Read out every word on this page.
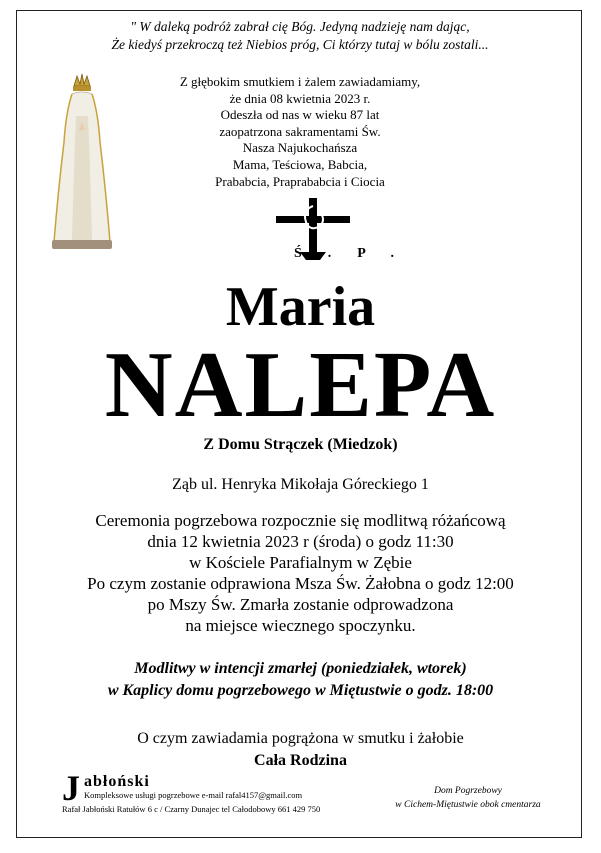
" W daleką podróż zabrał cię Bóg. Jedyną nadzieję nam dając,
Że kiedyś przekroczą też Niebios próg, Ci którzy tutaj w bólu zostali...
Z głębokim smutkiem i żalem zawiadamiamy,
że dnia 08 kwietnia 2023 r.
Odeszła od nas w wieku 87 lat
zaopatrzona sakramentami Św.
Nasza Najukochańsza
Mama, Teściowa, Babcia,
Prababcia, Praprababcia i Ciocia
Ś.P.
Maria
NALEPA
Z Domu Strączek (Miedzok)
Ząb ul. Henryka Mikołaja Góreckiego 1
Ceremonia pogrzebowa rozpocznie się modlitwą różańcową
dnia 12 kwietnia 2023 r (środa) o godz 11:30
w Kościele Parafialnym w Zębie
Po czym zostanie odprawiona Msza Św. Żałobna o godz 12:00
po Mszy Św. Zmarła zostanie odprowadzona
na miejsce wiecznego spoczynku.
Modlitwy w intencji zmarłej (poniedziałek, wtorek)
w Kaplicy domu pogrzebowego w Miętustwie o godz. 18:00
O czym zawiadamia pogrążona w smutku i żałobie
Cała Rodzina
J abłoński
Kompleksowe usługi pogrzebowe e-mail rafal4157@gmail.com
Rafał Jabłoński Ratułów 6 c / Czarny Dunajec tel Całodobowy 661 429 750
Dom Pogrzebowy
w Cichem-Miętustwie obok cmentarza
